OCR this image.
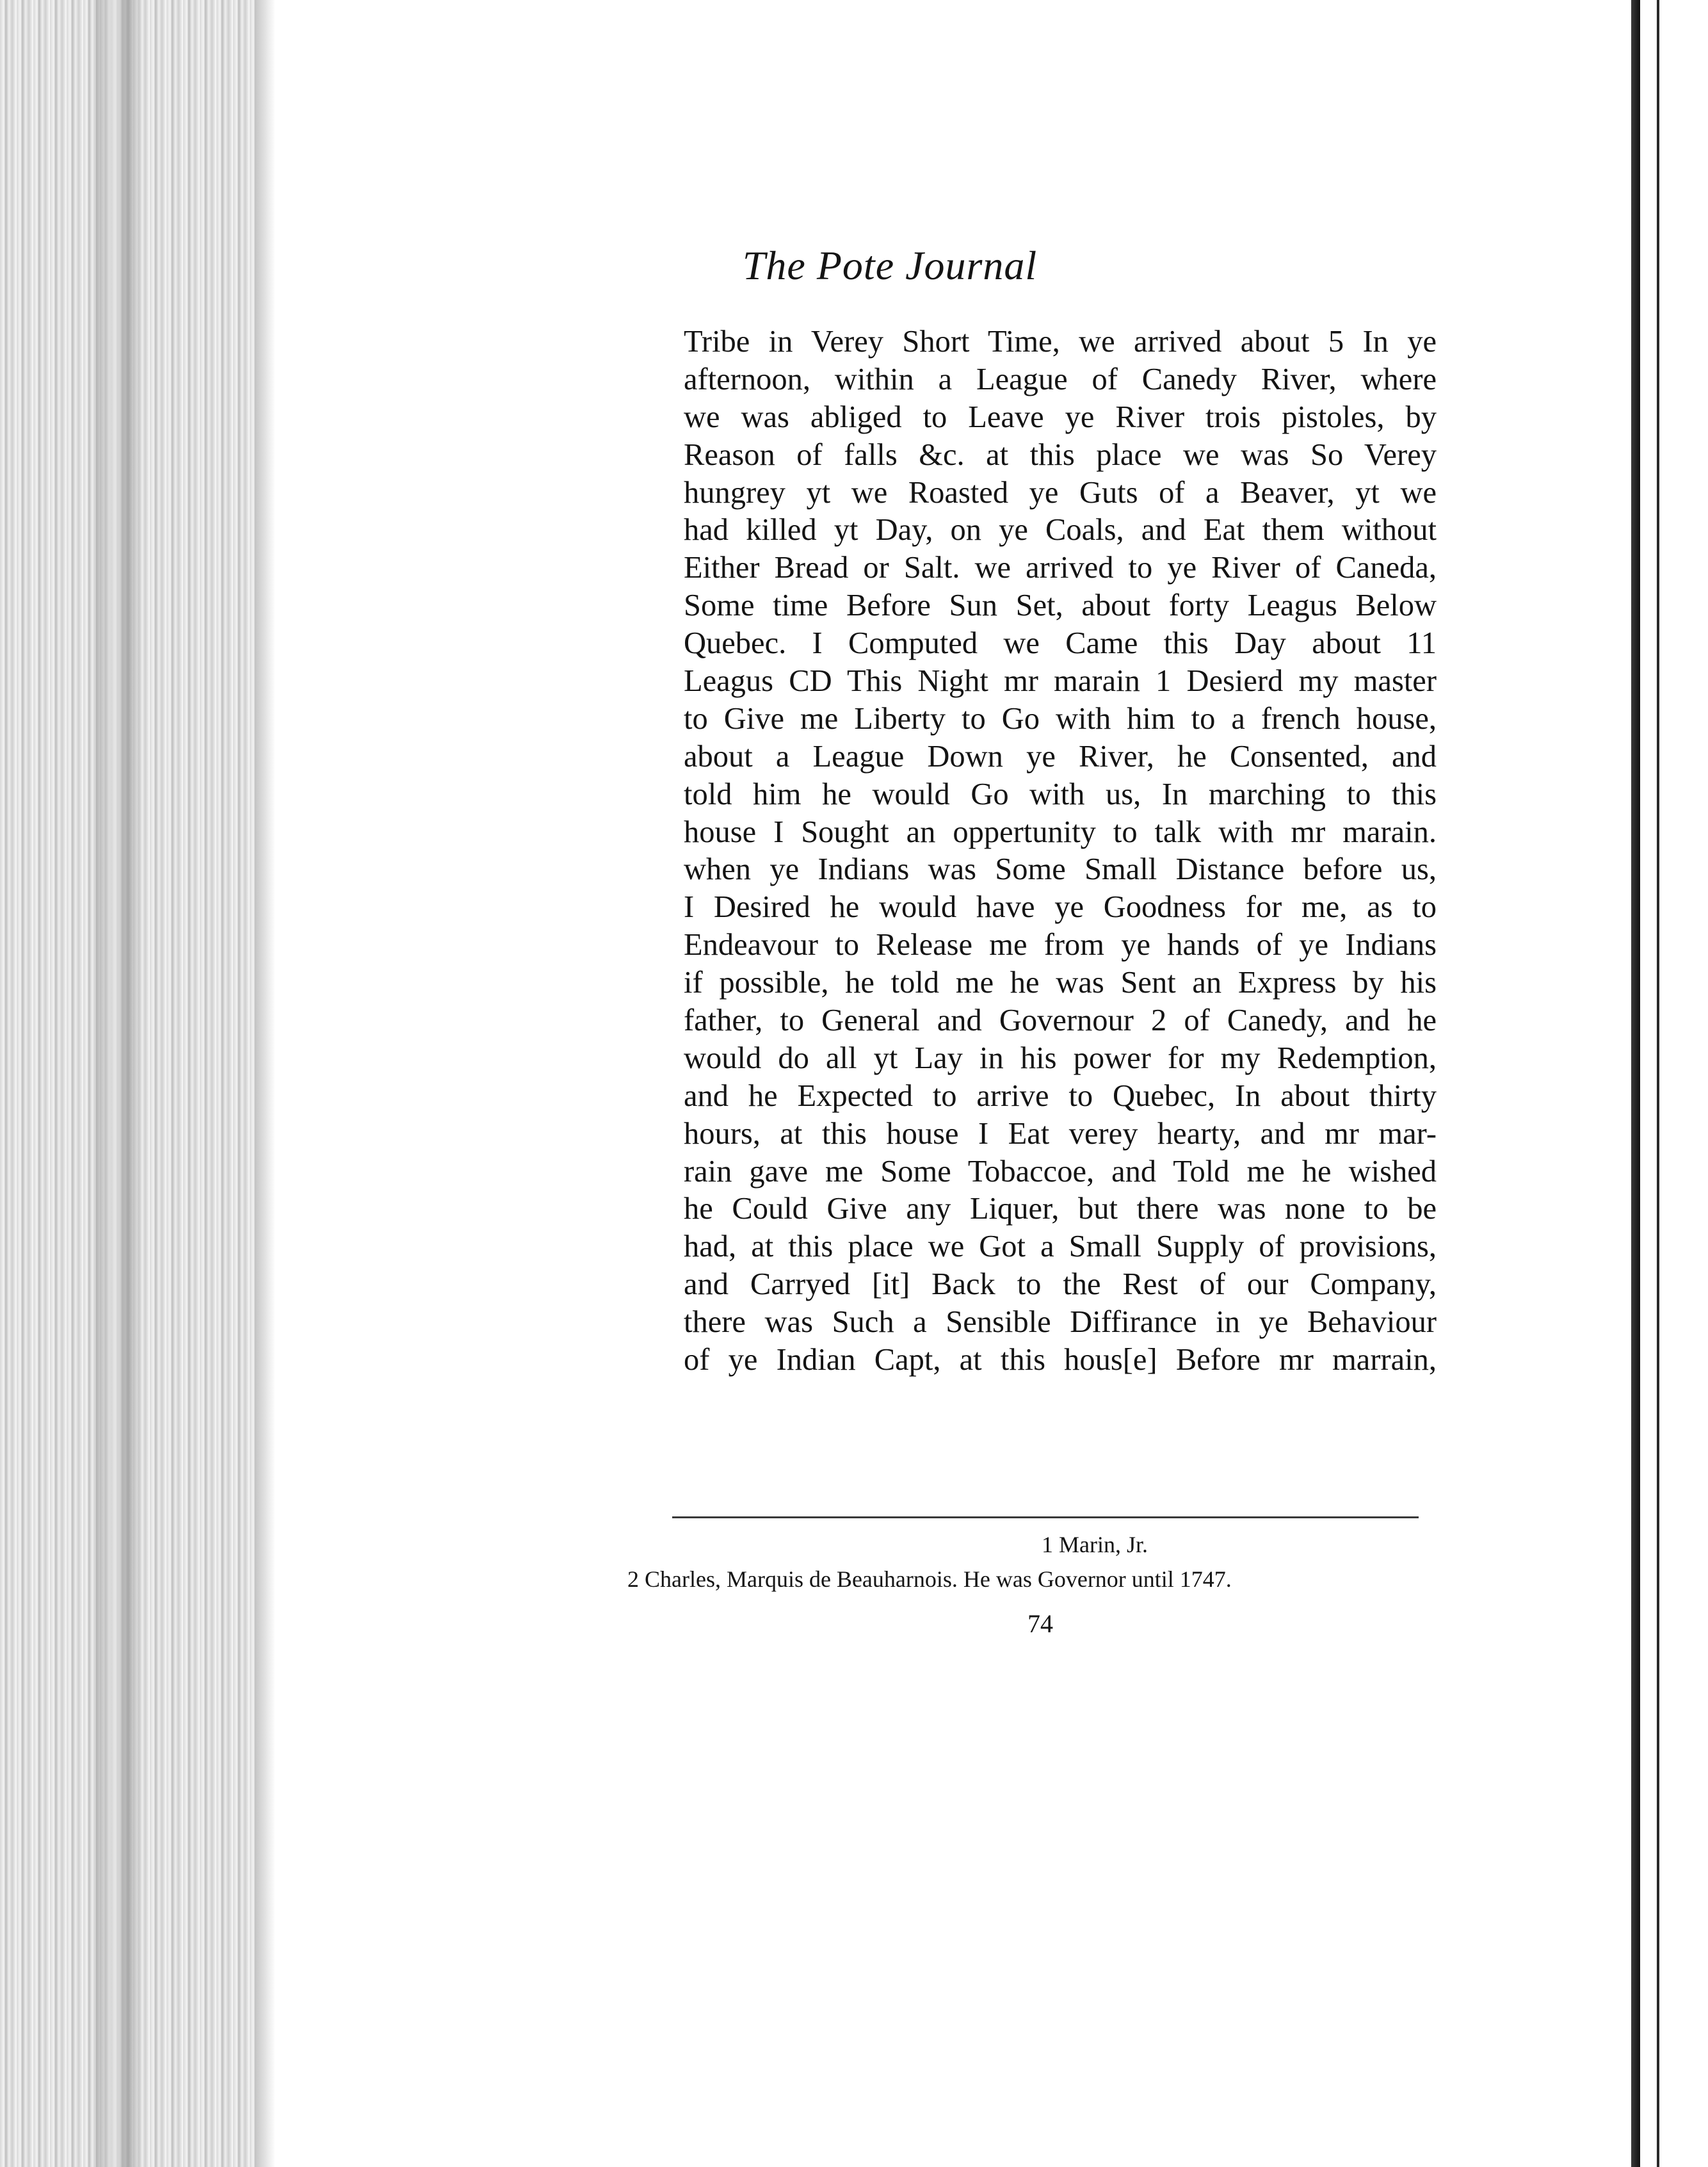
The Pote Journal
Tribe in Verey Short Time, we arrived about 5 In ye
afternoon, within a League of Canedy River, where
we was abliged to Leave ye River trois pistoles, by
Reason of falls &c. at this place we was So Verey
hungrey yt we Roasted ye Guts of a Beaver, yt we
had killed yt Day, on ye Coals, and Eat them without
Either Bread or Salt. we arrived to ye River of Caneda,
Some time Before Sun Set, about forty Leagus Below
Quebec. I Computed we Came this Day about 11
Leagus CD This Night mr marain 1 Desierd my master
to Give me Liberty to Go with him to a french house,
about a League Down ye River, he Consented, and
told him he would Go with us, In marching to this
house I Sought an oppertunity to talk with mr marain.
when ye Indians was Some Small Distance before us,
I Desired he would have ye Goodness for me, as to
Endeavour to Release me from ye hands of ye Indians
if possible, he told me he was Sent an Express by his
father, to General and Governour 2 of Canedy, and he
would do all yt Lay in his power for my Redemption,
and he Expected to arrive to Quebec, In about thirty
hours, at this house I Eat verey hearty, and mr mar-
rain gave me Some Tobaccoe, and Told me he wished
he Could Give any Liquer, but there was none to be
had, at this place we Got a Small Supply of provisions,
and Carryed [it] Back to the Rest of our Company,
there was Such a Sensible Diffirance in ye Behaviour
of ye Indian Capt, at this hous[e] Before mr marrain,
1 Marin, Jr.
2 Charles, Marquis de Beauharnois. He was Governor until 1747.
74
